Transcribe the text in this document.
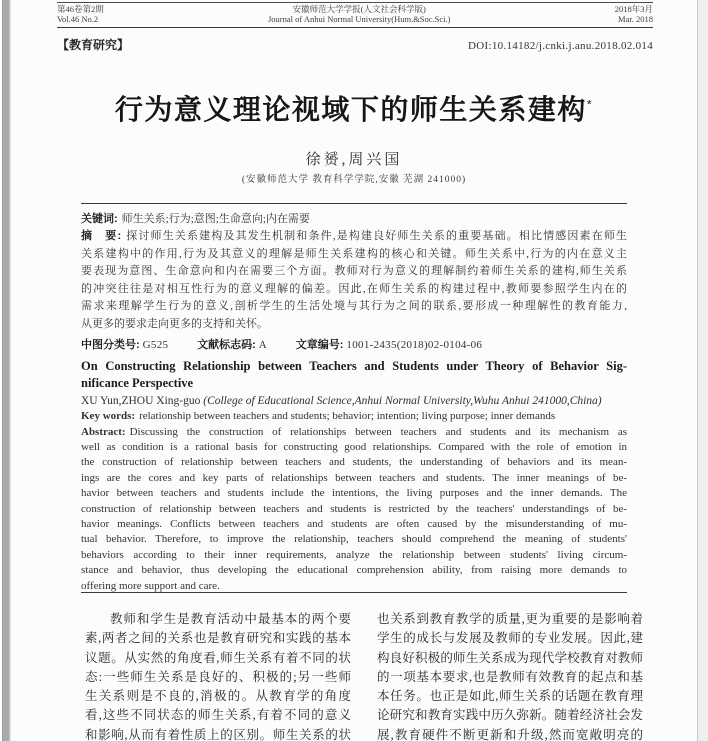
第46卷第2期
Vol.46 No.2
安徽师范大学学报(人文社会科学版)
Journal of Anhui Normal University(Hum.&Soc.Sci.)
2018年3月
Mar. 2018
【教育研究】	DOI:10.14182/j.cnki.j.anu.2018.02.014
行为意义理论视域下的师生关系建构*
徐赟,周兴国
(安徽师范大学 教育科学学院,安徽 芜湖 241000)
关键词: 师生关系;行为;意图;生命意向;内在需要
摘　要: 探讨师生关系建构及其发生机制和条件,是构建良好师生关系的重要基础。相比情感因素在师生
关系建构中的作用,行为及其意义的理解是师生关系建构的核心和关键。师生关系中,行为的内在意义主
要表现为意图、生命意向和内在需要三个方面。教师对行为意义的理解制约着师生关系的建构,师生关系
的冲突往往是对相互性行为的意义理解的偏差。因此,在师生关系的构建过程中,教师要参照学生内在的
需求来理解学生行为的意义,剖析学生的生活处境与其行为之间的联系,要形成一种理解性的教育能力,
从更多的要求走向更多的支持和关怀。
中图分类号: G525	文献标志码: A	文章编号: 1001-2435(2018)02-0104-06
On Constructing Relationship between Teachers and Students under Theory of Behavior Sig-
nificance Perspective
XU Yun,ZHOU Xing-guo (College of Educational Science,Anhui Normal University,Wuhu Anhui 241000,China)
Key words: relationship between teachers and students; behavior; intention; living purpose; inner demands
Abstract: Discussing the construction of relationships between teachers and students and its mechanism as
well as condition is a rational basis for constructing good relationships. Compared with the role of emotion in
the construction of relationship between teachers and students, the understanding of behaviors and its mean-
ings are the cores and key parts of relationships between teachers and students. The inner meanings of be-
havior between teachers and students include the intentions, the living purposes and the inner demands. The
construction of relationship between teachers and students is restricted by the teachers' understandings of be-
havior meanings. Conflicts between teachers and students are often caused by the misunderstanding of mu-
tual behavior. Therefore, to improve the relationship, teachers should comprehend the meaning of students'
behaviors according to their inner requirements, analyze the relationship between students' living circum-
stance and behavior, thus developing the educational comprehension ability, from raising more demands to
offering more support and care.
教师和学生是教育活动中最基本的两个要
素,两者之间的关系也是教育研究和实践的基本
议题。从实然的角度看,师生关系有着不同的状
态:一些师生关系是良好的、积极的;另一些师
生关系则是不良的,消极的。从教育学的角度
看,这些不同状态的师生关系,有着不同的意义
和影响,从而有着性质上的区别。师生关系的状
也关系到教育教学的质量,更为重要的是影响着
学生的成长与发展及教师的专业发展。因此,建
构良好积极的师生关系成为现代学校教育对教师
的一项基本要求,也是教师有效教育的起点和基
本任务。也正是如此,师生关系的话题在教育理
论研究和教育实践中历久弥新。随着经济社会发
展,教育硬件不断更新和升级,然而宽敞明亮的
